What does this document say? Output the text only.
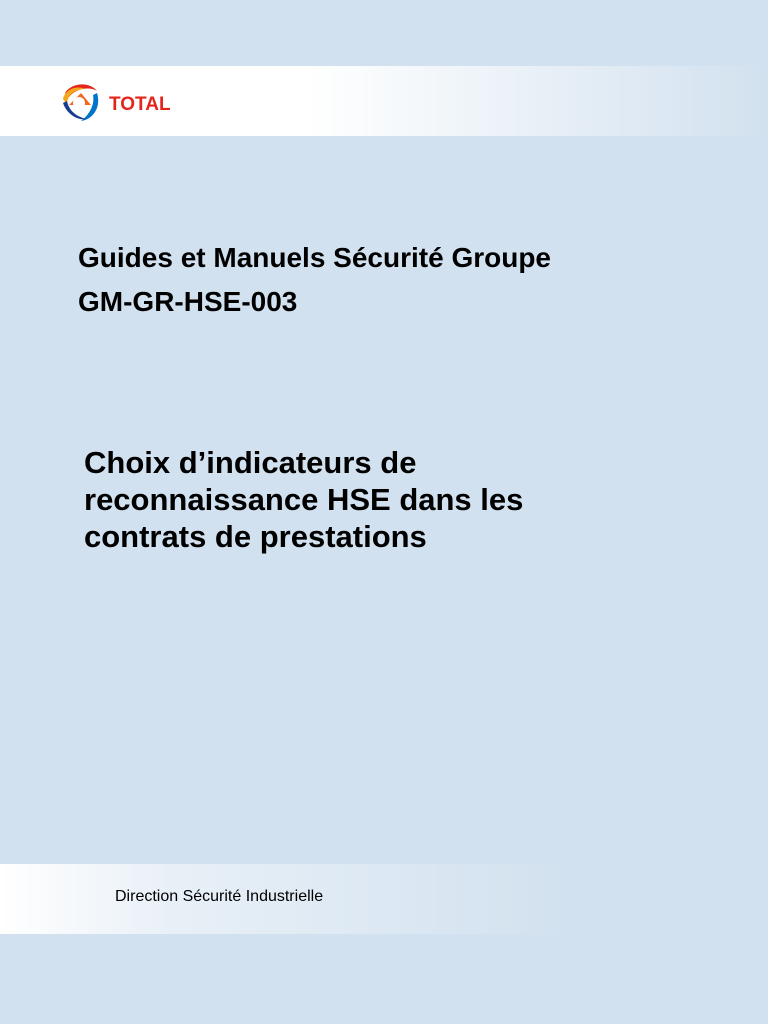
TOTAL

Guides et Manuels Sécurité Groupe

GM-GR-HSE-003

Choix d’indicateurs de

reconnaissance HSE dans les

contrats de prestations

Direction Sécurité Industrielle
